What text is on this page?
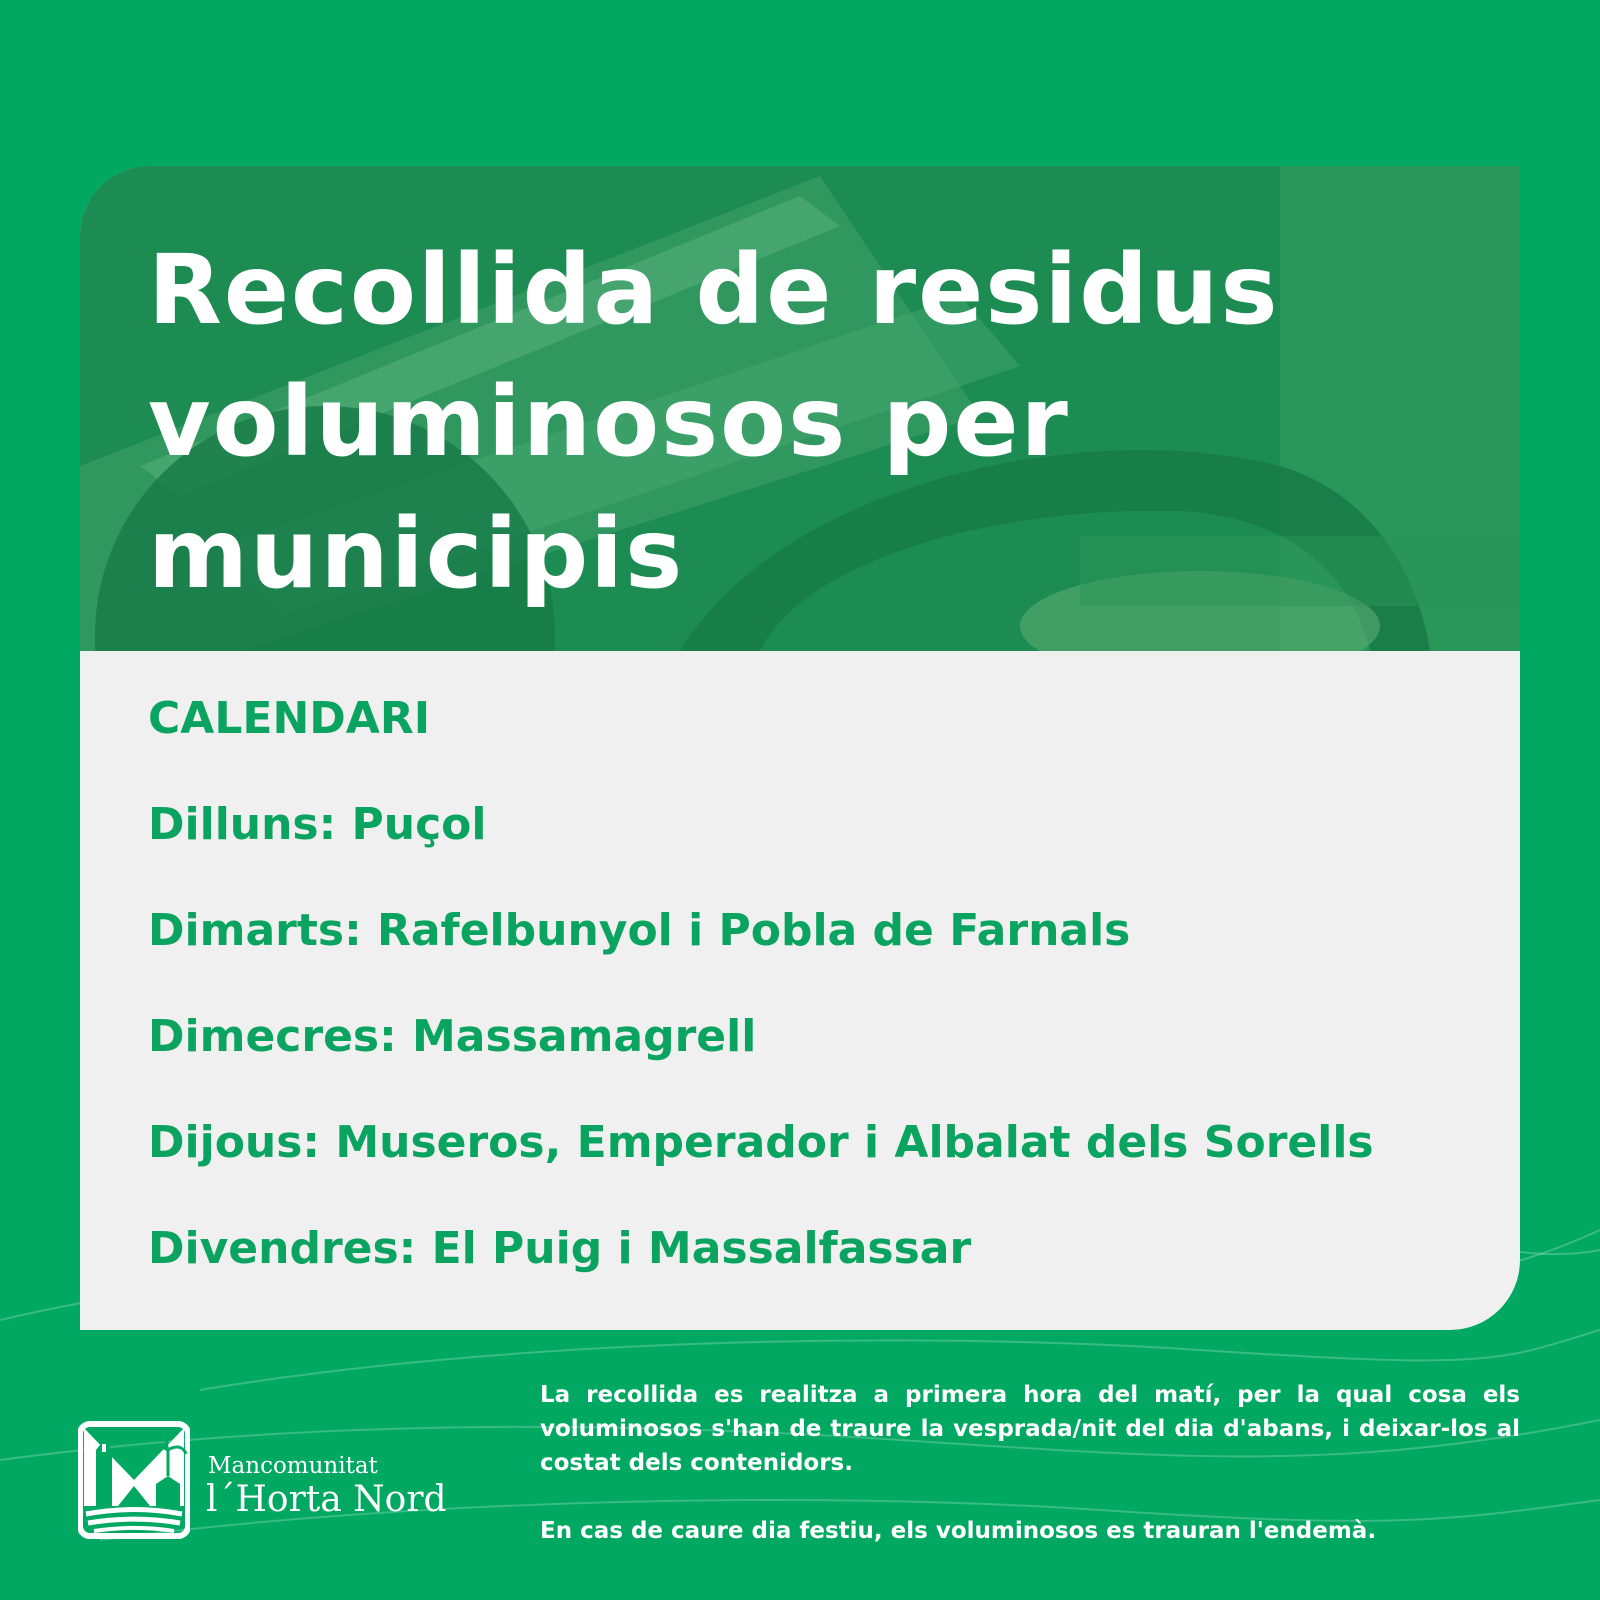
Recollida de residus voluminosos per municipis
CALENDARI
Dilluns: Puçol
Dimarts: Rafelbunyol i Pobla de Farnals
Dimecres: Massamagrell
Dijous: Museros, Emperador i Albalat dels Sorells
Divendres: El Puig i Massalfassar
Mancomunitat
l´Horta Nord

La recollida es realitza a primera hora del matí, per la qual cosa els voluminosos s'han de traure la vesprada/nit del dia d'abans, i deixar-los al costat dels contenidors.

En cas de caure dia festiu, els voluminosos es trauran l'endemà.
